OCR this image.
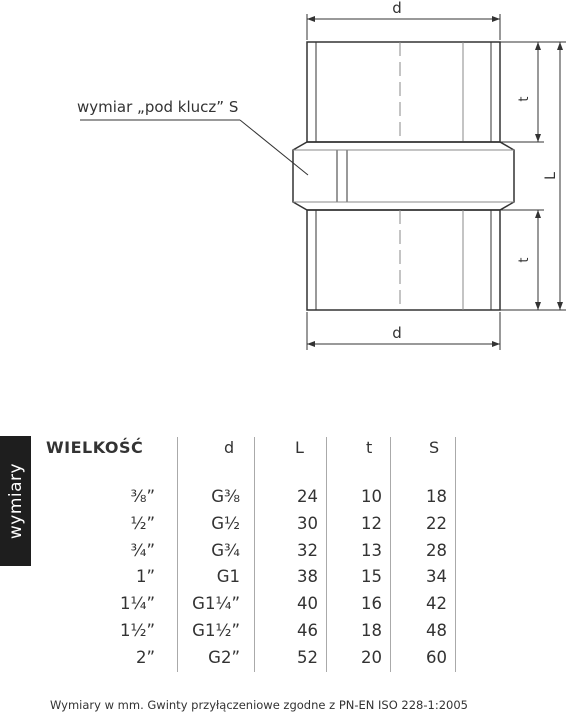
d
d
t
t
L
wymiar „pod klucz” S
wymiary
WIELKOŚĆ	d	L	t	S
⅜”	G⅜	24	10	18
½”	G½	30	12	22
¾”	G¾	32	13	28
1”	G1	38	15	34
1¼”	G1¼”	40	16	42
1½”	G1½”	46	18	48
2”	G2”	52	20	60
Wymiary w mm. Gwinty przyłączeniowe zgodne z PN-EN ISO 228-1:2005
